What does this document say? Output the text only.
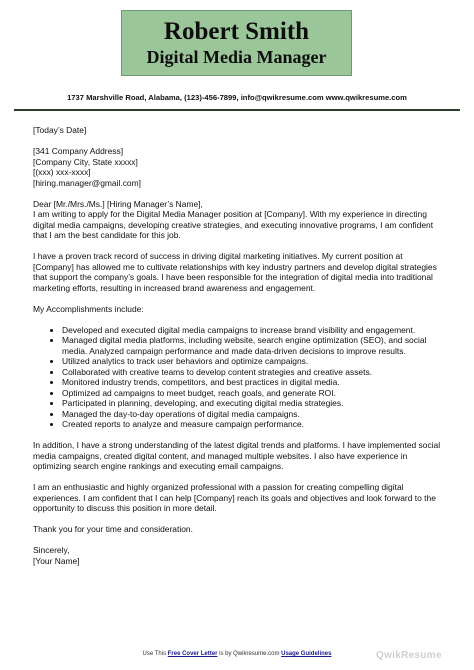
Robert Smith
Digital Media Manager
1737 Marshville Road, Alabama, (123)-456-7899, info@qwikresume.com www.qwikresume.com

[Today’s Date]

[341 Company Address]

[Company City, State xxxxx]

[(xxx) xxx-xxxx]

[hiring.manager@gmail.com]

Dear [Mr./Mrs./Ms.] [Hiring Manager’s Name],

I am writing to apply for the Digital Media Manager position at [Company]. With my experience in directing digital media campaigns, developing creative strategies, and executing innovative programs, I am confident that I am the best candidate for this job.

I have a proven track record of success in driving digital marketing initiatives. My current position at [Company] has allowed me to cultivate relationships with key industry partners and develop digital strategies that support the company’s goals. I have been responsible for the integration of digital media into traditional marketing efforts, resulting in increased brand awareness and engagement.

My Accomplishments include:

• Developed and executed digital media campaigns to increase brand visibility and engagement.
• Managed digital media platforms, including website, search engine optimization (SEO), and social media. Analyzed campaign performance and made data-driven decisions to improve results.
• Utilized analytics to track user behaviors and optimize campaigns.
• Collaborated with creative teams to develop content strategies and creative assets.
• Monitored industry trends, competitors, and best practices in digital media.
• Optimized ad campaigns to meet budget, reach goals, and generate ROI.
• Participated in planning, developing, and executing digital media strategies.
• Managed the day-to-day operations of digital media campaigns.
• Created reports to analyze and measure campaign performance.

In addition, I have a strong understanding of the latest digital trends and platforms. I have implemented social media campaigns, created digital content, and managed multiple websites. I also have experience in optimizing search engine rankings and executing email campaigns.

I am an enthusiastic and highly organized professional with a passion for creating compelling digital experiences. I am confident that I can help [Company] reach its goals and objectives and look forward to the opportunity to discuss this position in more detail.

Thank you for your time and consideration.

Sincerely,

[Your Name]

Use This Free Cover Letter is by Qwikresume.com Usage Guidelines	QwikResume
